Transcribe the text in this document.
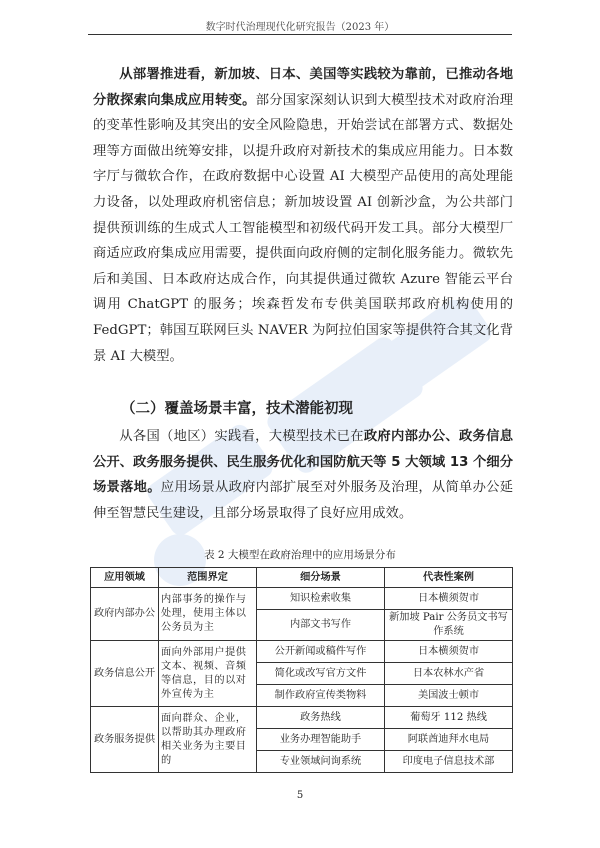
数字时代治理现代化研究报告（2023 年）

从部署推进看，新加坡、日本、美国等实践较为靠前，已推动各地分散探索向集成应用转变。部分国家深刻认识到大模型技术对政府治理的变革性影响及其突出的安全风险隐患，开始尝试在部署方式、数据处理等方面做出统筹安排，以提升政府对新技术的集成应用能力。日本数字厅与微软合作，在政府数据中心设置 AI 大模型产品使用的高处理能力设备，以处理政府机密信息；新加坡设置 AI 创新沙盒，为公共部门提供预训练的生成式人工智能模型和初级代码开发工具。部分大模型厂商适应政府集成应用需要，提供面向政府侧的定制化服务能力。微软先后和美国、日本政府达成合作，向其提供通过微软 Azure 智能云平台调用 ChatGPT 的服务；埃森哲发布专供美国联邦政府机构使用的 FedGPT；韩国互联网巨头 NAVER 为阿拉伯国家等提供符合其文化背景 AI 大模型。

（二）覆盖场景丰富，技术潜能初现

从各国（地区）实践看，大模型技术已在政府内部办公、政务信息公开、政务服务提供、民生服务优化和国防航天等 5 大领域 13 个细分场景落地。应用场景从政府内部扩展至对外服务及治理，从简单办公延伸至智慧民生建设，且部分场景取得了良好应用成效。

表 2 大模型在政府治理中的应用场景分布
应用领域	范围界定	细分场景	代表性案例
政府内部办公	内部事务的操作与处理，使用主体以公务员为主	知识检索收集	日本横须贺市
		内部文书写作	新加坡 Pair 公务员文书写作系统
政务信息公开	面向外部用户提供文本、视频、音频等信息，目的以对外宣传为主	公开新闻或稿件写作	日本横须贺市
		简化或改写官方文件	日本农林水产省
		制作政府宣传类物料	美国波士顿市
政务服务提供	面向群众、企业，以帮助其办理政府相关业务为主要目的	政务热线	葡萄牙 112 热线
		业务办理智能助手	阿联酋迪拜水电局
		专业领域问询系统	印度电子信息技术部
5
